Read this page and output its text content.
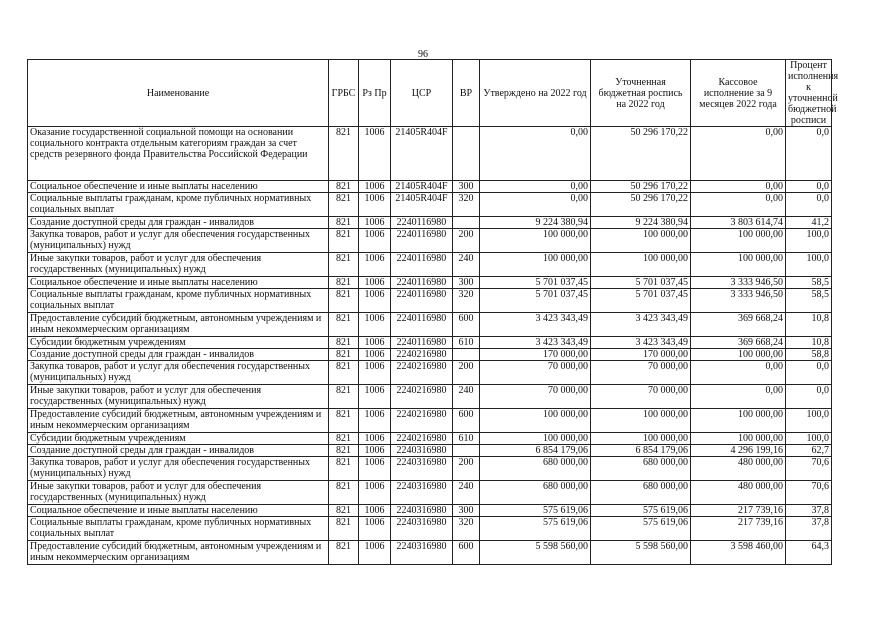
96
Наименование	ГРБС	Рз Пр	ЦСР	ВР	Утверждено на 2022 год	Уточненная бюджетная роспись на 2022 год	Кассовое исполнение за 9 месяцев 2022 года	Процент исполнения к уточненной бюджетной росписи

Оказание государственной социальной помощи на основании социального контракта отдельным категориям граждан за счет средств резервного фонда Правительства Российской Федерации	821	1006	21405R404F		0,00	50 296 170,22	0,00	0,0
Социальное обеспечение и иные выплаты населению	821	1006	21405R404F	300	0,00	50 296 170,22	0,00	0,0
Социальные выплаты гражданам, кроме публичных нормативных социальных выплат	821	1006	21405R404F	320	0,00	50 296 170,22	0,00	0,0
Создание доступной среды для граждан - инвалидов	821	1006	2240116980		9 224 380,94	9 224 380,94	3 803 614,74	41,2
Закупка товаров, работ и услуг для обеспечения государственных (муниципальных) нужд	821	1006	2240116980	200	100 000,00	100 000,00	100 000,00	100,0
Иные закупки товаров, работ и услуг для обеспечения государственных (муниципальных) нужд	821	1006	2240116980	240	100 000,00	100 000,00	100 000,00	100,0
Социальное обеспечение и иные выплаты населению	821	1006	2240116980	300	5 701 037,45	5 701 037,45	3 333 946,50	58,5
Социальные выплаты гражданам, кроме публичных нормативных социальных выплат	821	1006	2240116980	320	5 701 037,45	5 701 037,45	3 333 946,50	58,5
Предоставление субсидий бюджетным, автономным учреждениям и иным некоммерческим организациям	821	1006	2240116980	600	3 423 343,49	3 423 343,49	369 668,24	10,8
Субсидии бюджетным учреждениям	821	1006	2240116980	610	3 423 343,49	3 423 343,49	369 668,24	10,8
Создание доступной среды для граждан - инвалидов	821	1006	2240216980		170 000,00	170 000,00	100 000,00	58,8
Закупка товаров, работ и услуг для обеспечения государственных (муниципальных) нужд	821	1006	2240216980	200	70 000,00	70 000,00	0,00	0,0
Иные закупки товаров, работ и услуг для обеспечения государственных (муниципальных) нужд	821	1006	2240216980	240	70 000,00	70 000,00	0,00	0,0
Предоставление субсидий бюджетным, автономным учреждениям и иным некоммерческим организациям	821	1006	2240216980	600	100 000,00	100 000,00	100 000,00	100,0
Субсидии бюджетным учреждениям	821	1006	2240216980	610	100 000,00	100 000,00	100 000,00	100,0
Создание доступной среды для граждан - инвалидов	821	1006	2240316980		6 854 179,06	6 854 179,06	4 296 199,16	62,7
Закупка товаров, работ и услуг для обеспечения государственных (муниципальных) нужд	821	1006	2240316980	200	680 000,00	680 000,00	480 000,00	70,6
Иные закупки товаров, работ и услуг для обеспечения государственных (муниципальных) нужд	821	1006	2240316980	240	680 000,00	680 000,00	480 000,00	70,6
Социальное обеспечение и иные выплаты населению	821	1006	2240316980	300	575 619,06	575 619,06	217 739,16	37,8
Социальные выплаты гражданам, кроме публичных нормативных социальных выплат	821	1006	2240316980	320	575 619,06	575 619,06	217 739,16	37,8
Предоставление субсидий бюджетным, автономным учреждениям и иным некоммерческим организациям	821	1006	2240316980	600	5 598 560,00	5 598 560,00	3 598 460,00	64,3
